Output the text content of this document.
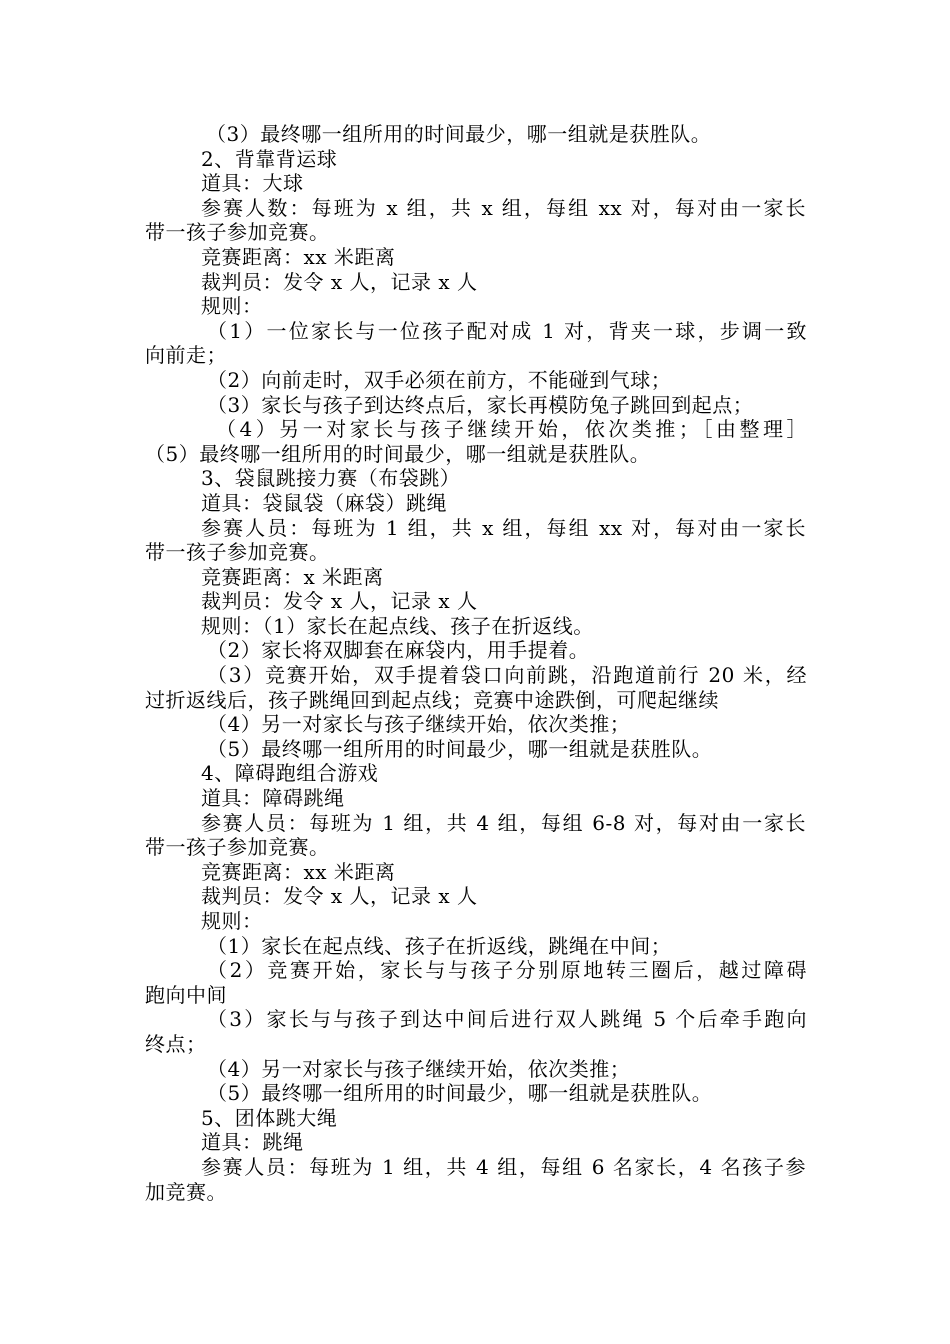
（3）最终哪一组所用的时间最少，哪一组就是获胜队。
2、背靠背运球
道具：大球
参赛人数：每班为 x 组，共 x 组，每组 xx 对，每对由一家长
带一孩子参加竞赛。
竞赛距离：xx 米距离
裁判员：发令 x 人，记录 x 人
规则：
（1）一位家长与一位孩子配对成 1 对，背夹一球，步调一致
向前走；
（2）向前走时，双手必须在前方，不能碰到气球；
（3）家长与孩子到达终点后，家长再模防兔子跳回到起点；
（4）另一对家长与孩子继续开始，依次类推；［由整理］
（5）最终哪一组所用的时间最少，哪一组就是获胜队。
3、袋鼠跳接力赛（布袋跳）
道具：袋鼠袋（麻袋）跳绳
参赛人员：每班为 1 组，共 x 组，每组 xx 对，每对由一家长
带一孩子参加竞赛。
竞赛距离：x 米距离
裁判员：发令 x 人，记录 x 人
规则：（1）家长在起点线、孩子在折返线。
（2）家长将双脚套在麻袋内，用手提着。
（3）竞赛开始，双手提着袋口向前跳，沿跑道前行 20 米，经
过折返线后，孩子跳绳回到起点线；竞赛中途跌倒，可爬起继续
（4）另一对家长与孩子继续开始，依次类推；
（5）最终哪一组所用的时间最少，哪一组就是获胜队。
4、障碍跑组合游戏
道具：障碍跳绳
参赛人员：每班为 1 组，共 4 组，每组 6-8 对，每对由一家长
带一孩子参加竞赛。
竞赛距离：xx 米距离
裁判员：发令 x 人，记录 x 人
规则：
（1）家长在起点线、孩子在折返线，跳绳在中间；
（2）竞赛开始，家长与与孩子分别原地转三圈后，越过障碍
跑向中间
（3）家长与与孩子到达中间后进行双人跳绳 5 个后牵手跑向
终点；
（4）另一对家长与孩子继续开始，依次类推；
（5）最终哪一组所用的时间最少，哪一组就是获胜队。
5、团体跳大绳
道具：跳绳
参赛人员：每班为 1 组，共 4 组，每组 6 名家长，4 名孩子参
加竞赛。
